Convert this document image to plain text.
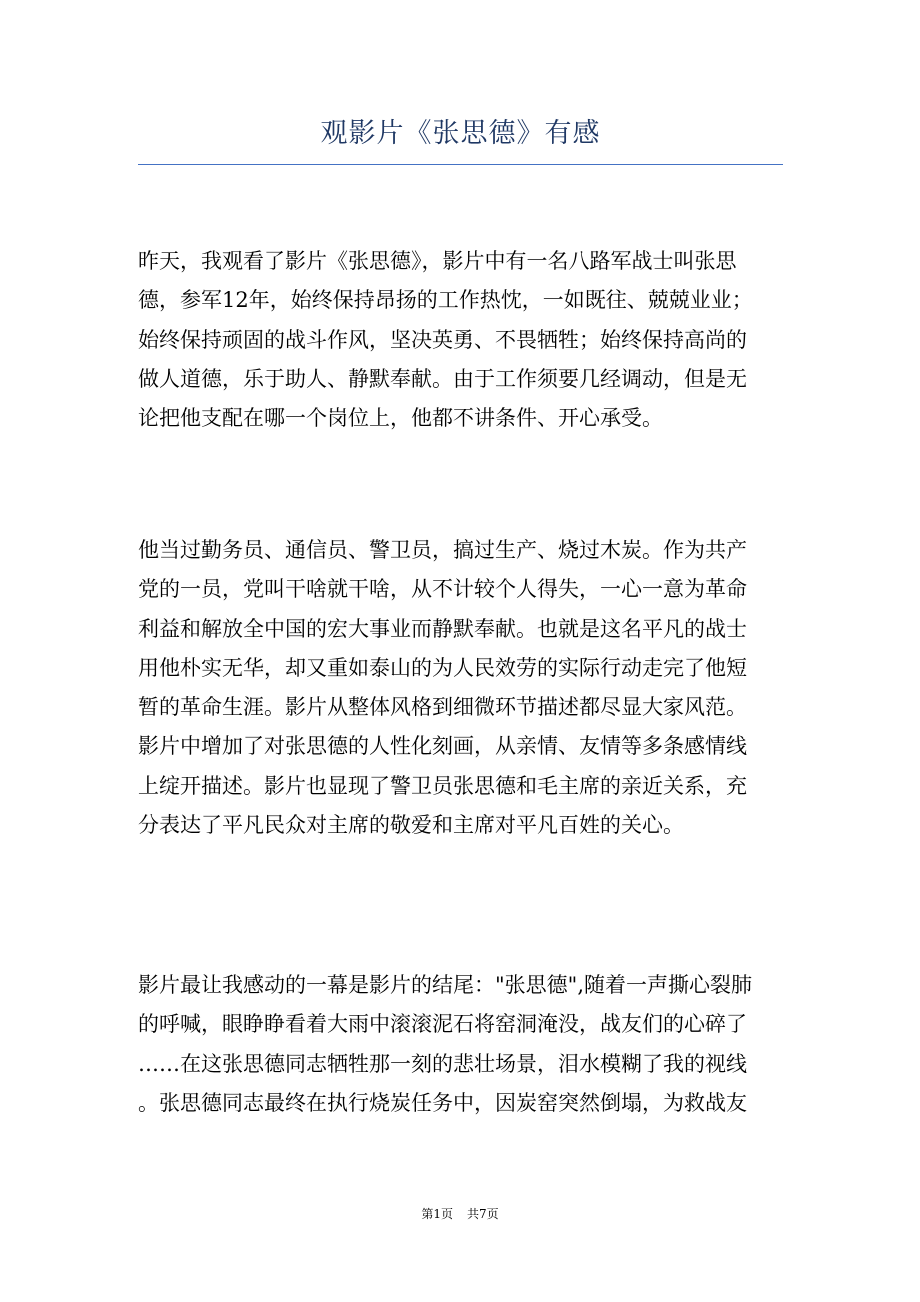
观影片《张思德》有感

昨天，我观看了影片《张思德》，影片中有一名八路军战士叫张思
德，参军12年，始终保持昂扬的工作热忱，一如既往、兢兢业业；
始终保持顽固的战斗作风，坚决英勇、不畏牺牲；始终保持高尚的
做人道德，乐于助人、静默奉献。由于工作须要几经调动，但是无
论把他支配在哪一个岗位上，他都不讲条件、开心承受。

他当过勤务员、通信员、警卫员，搞过生产、烧过木炭。作为共产
党的一员，党叫干啥就干啥，从不计较个人得失，一心一意为革命
利益和解放全中国的宏大事业而静默奉献。也就是这名平凡的战士
用他朴实无华，却又重如泰山的为人民效劳的实际行动走完了他短
暂的革命生涯。影片从整体风格到细微环节描述都尽显大家风范。
影片中增加了对张思德的人性化刻画，从亲情、友情等多条感情线
上绽开描述。影片也显现了警卫员张思德和毛主席的亲近关系，充
分表达了平凡民众对主席的敬爱和主席对平凡百姓的关心。

影片最让我感动的一幕是影片的结尾："张思德",随着一声撕心裂肺
的呼喊，眼睁睁看着大雨中滚滚泥石将窑洞淹没，战友们的心碎了
……在这张思德同志牺牲那一刻的悲壮场景，泪水模糊了我的视线
。张思德同志最终在执行烧炭任务中，因炭窑突然倒塌，为救战友

第1页 共7页
